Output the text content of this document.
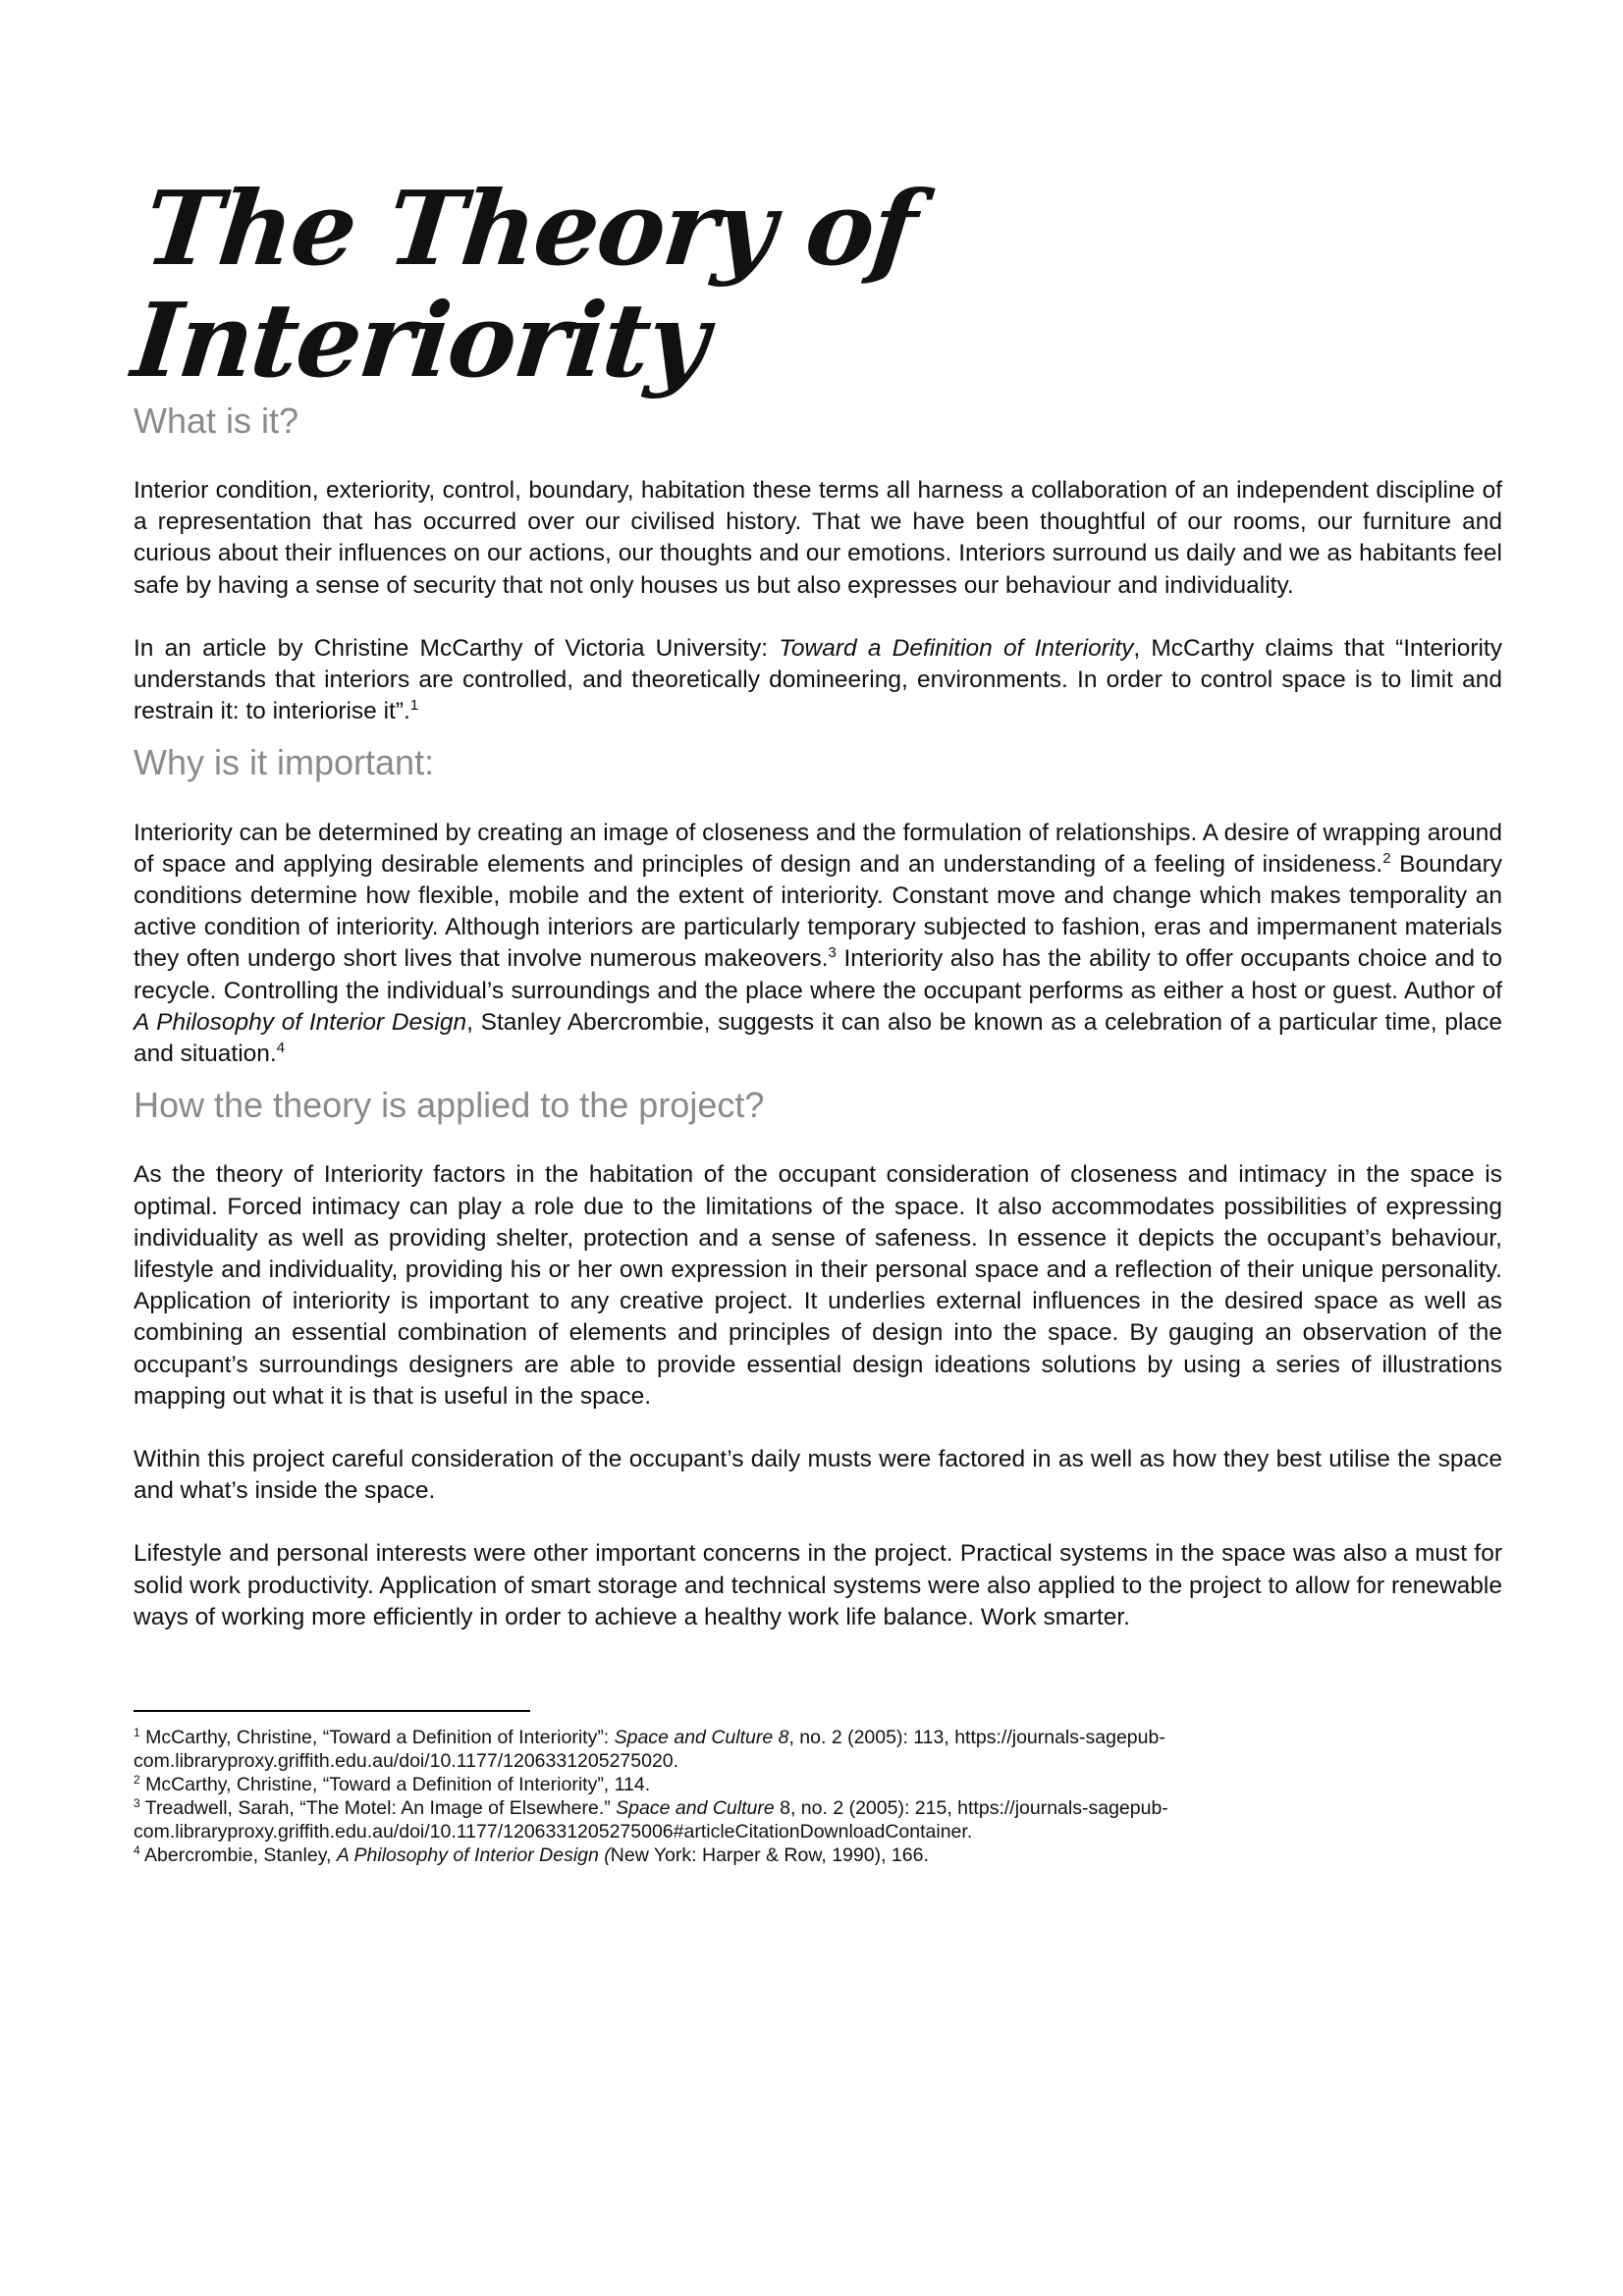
The Theory of Interiority
What is it?

Interior condition, exteriority, control, boundary, habitation these terms all harness a collaboration of an independent discipline of a representation that has occurred over our civilised history. That we have been thoughtful of our rooms, our furniture and curious about their influences on our actions, our thoughts and our emotions. Interiors surround us daily and we as habitants feel safe by having a sense of security that not only houses us but also expresses our behaviour and individuality.

In an article by Christine McCarthy of Victoria University: Toward a Definition of Interiority, McCarthy claims that “Interiority understands that interiors are controlled, and theoretically domineering, environments. In order to control space is to limit and restrain it: to interiorise it”.$^1$

Why is it important:

Interiority can be determined by creating an image of closeness and the formulation of relationships. A desire of wrapping around of space and applying desirable elements and principles of design and an understanding of a feeling of insideness.$^2$ Boundary conditions determine how flexible, mobile and the extent of interiority. Constant move and change which makes temporality an active condition of interiority. Although interiors are particularly temporary subjected to fashion, eras and impermanent materials they often undergo short lives that involve numerous makeovers.$^3$ Interiority also has the ability to offer occupants choice and to recycle. Controlling the individual’s surroundings and the place where the occupant performs as either a host or guest. Author of A Philosophy of Interior Design, Stanley Abercrombie, suggests it can also be known as a celebration of a particular time, place and situation.$^4$

How the theory is applied to the project?

As the theory of Interiority factors in the habitation of the occupant consideration of closeness and intimacy in the space is optimal. Forced intimacy can play a role due to the limitations of the space. It also accommodates possibilities of expressing individuality as well as providing shelter, protection and a sense of safeness. In essence it depicts the occupant’s behaviour, lifestyle and individuality, providing his or her own expression in their personal space and a reflection of their unique personality. Application of interiority is important to any creative project. It underlies external influences in the desired space as well as combining an essential combination of elements and principles of design into the space. By gauging an observation of the occupant’s surroundings designers are able to provide essential design ideations solutions by using a series of illustrations mapping out what it is that is useful in the space.

Within this project careful consideration of the occupant’s daily musts were factored in as well as how they best utilise the space and what’s inside the space.

Lifestyle and personal interests were other important concerns in the project. Practical systems in the space was also a must for solid work productivity. Application of smart storage and technical systems were also applied to the project to allow for renewable ways of working more efficiently in order to achieve a healthy work life balance. Work smarter.

$^1$ McCarthy, Christine, “Toward a Definition of Interiority”: Space and Culture 8, no. 2 (2005): 113, https://journals-sagepub-com.libraryproxy.griffith.edu.au/doi/10.1177/1206331205275020.

$^2$ McCarthy, Christine, “Toward a Definition of Interiority”, 114.

$^3$ Treadwell, Sarah, “The Motel: An Image of Elsewhere.” Space and Culture 8, no. 2 (2005): 215, https://journals-sagepub-com.libraryproxy.griffith.edu.au/doi/10.1177/1206331205275006#articleCitationDownloadContainer.

$^4$ Abercrombie, Stanley, A Philosophy of Interior Design (New York: Harper & Row, 1990), 166.
